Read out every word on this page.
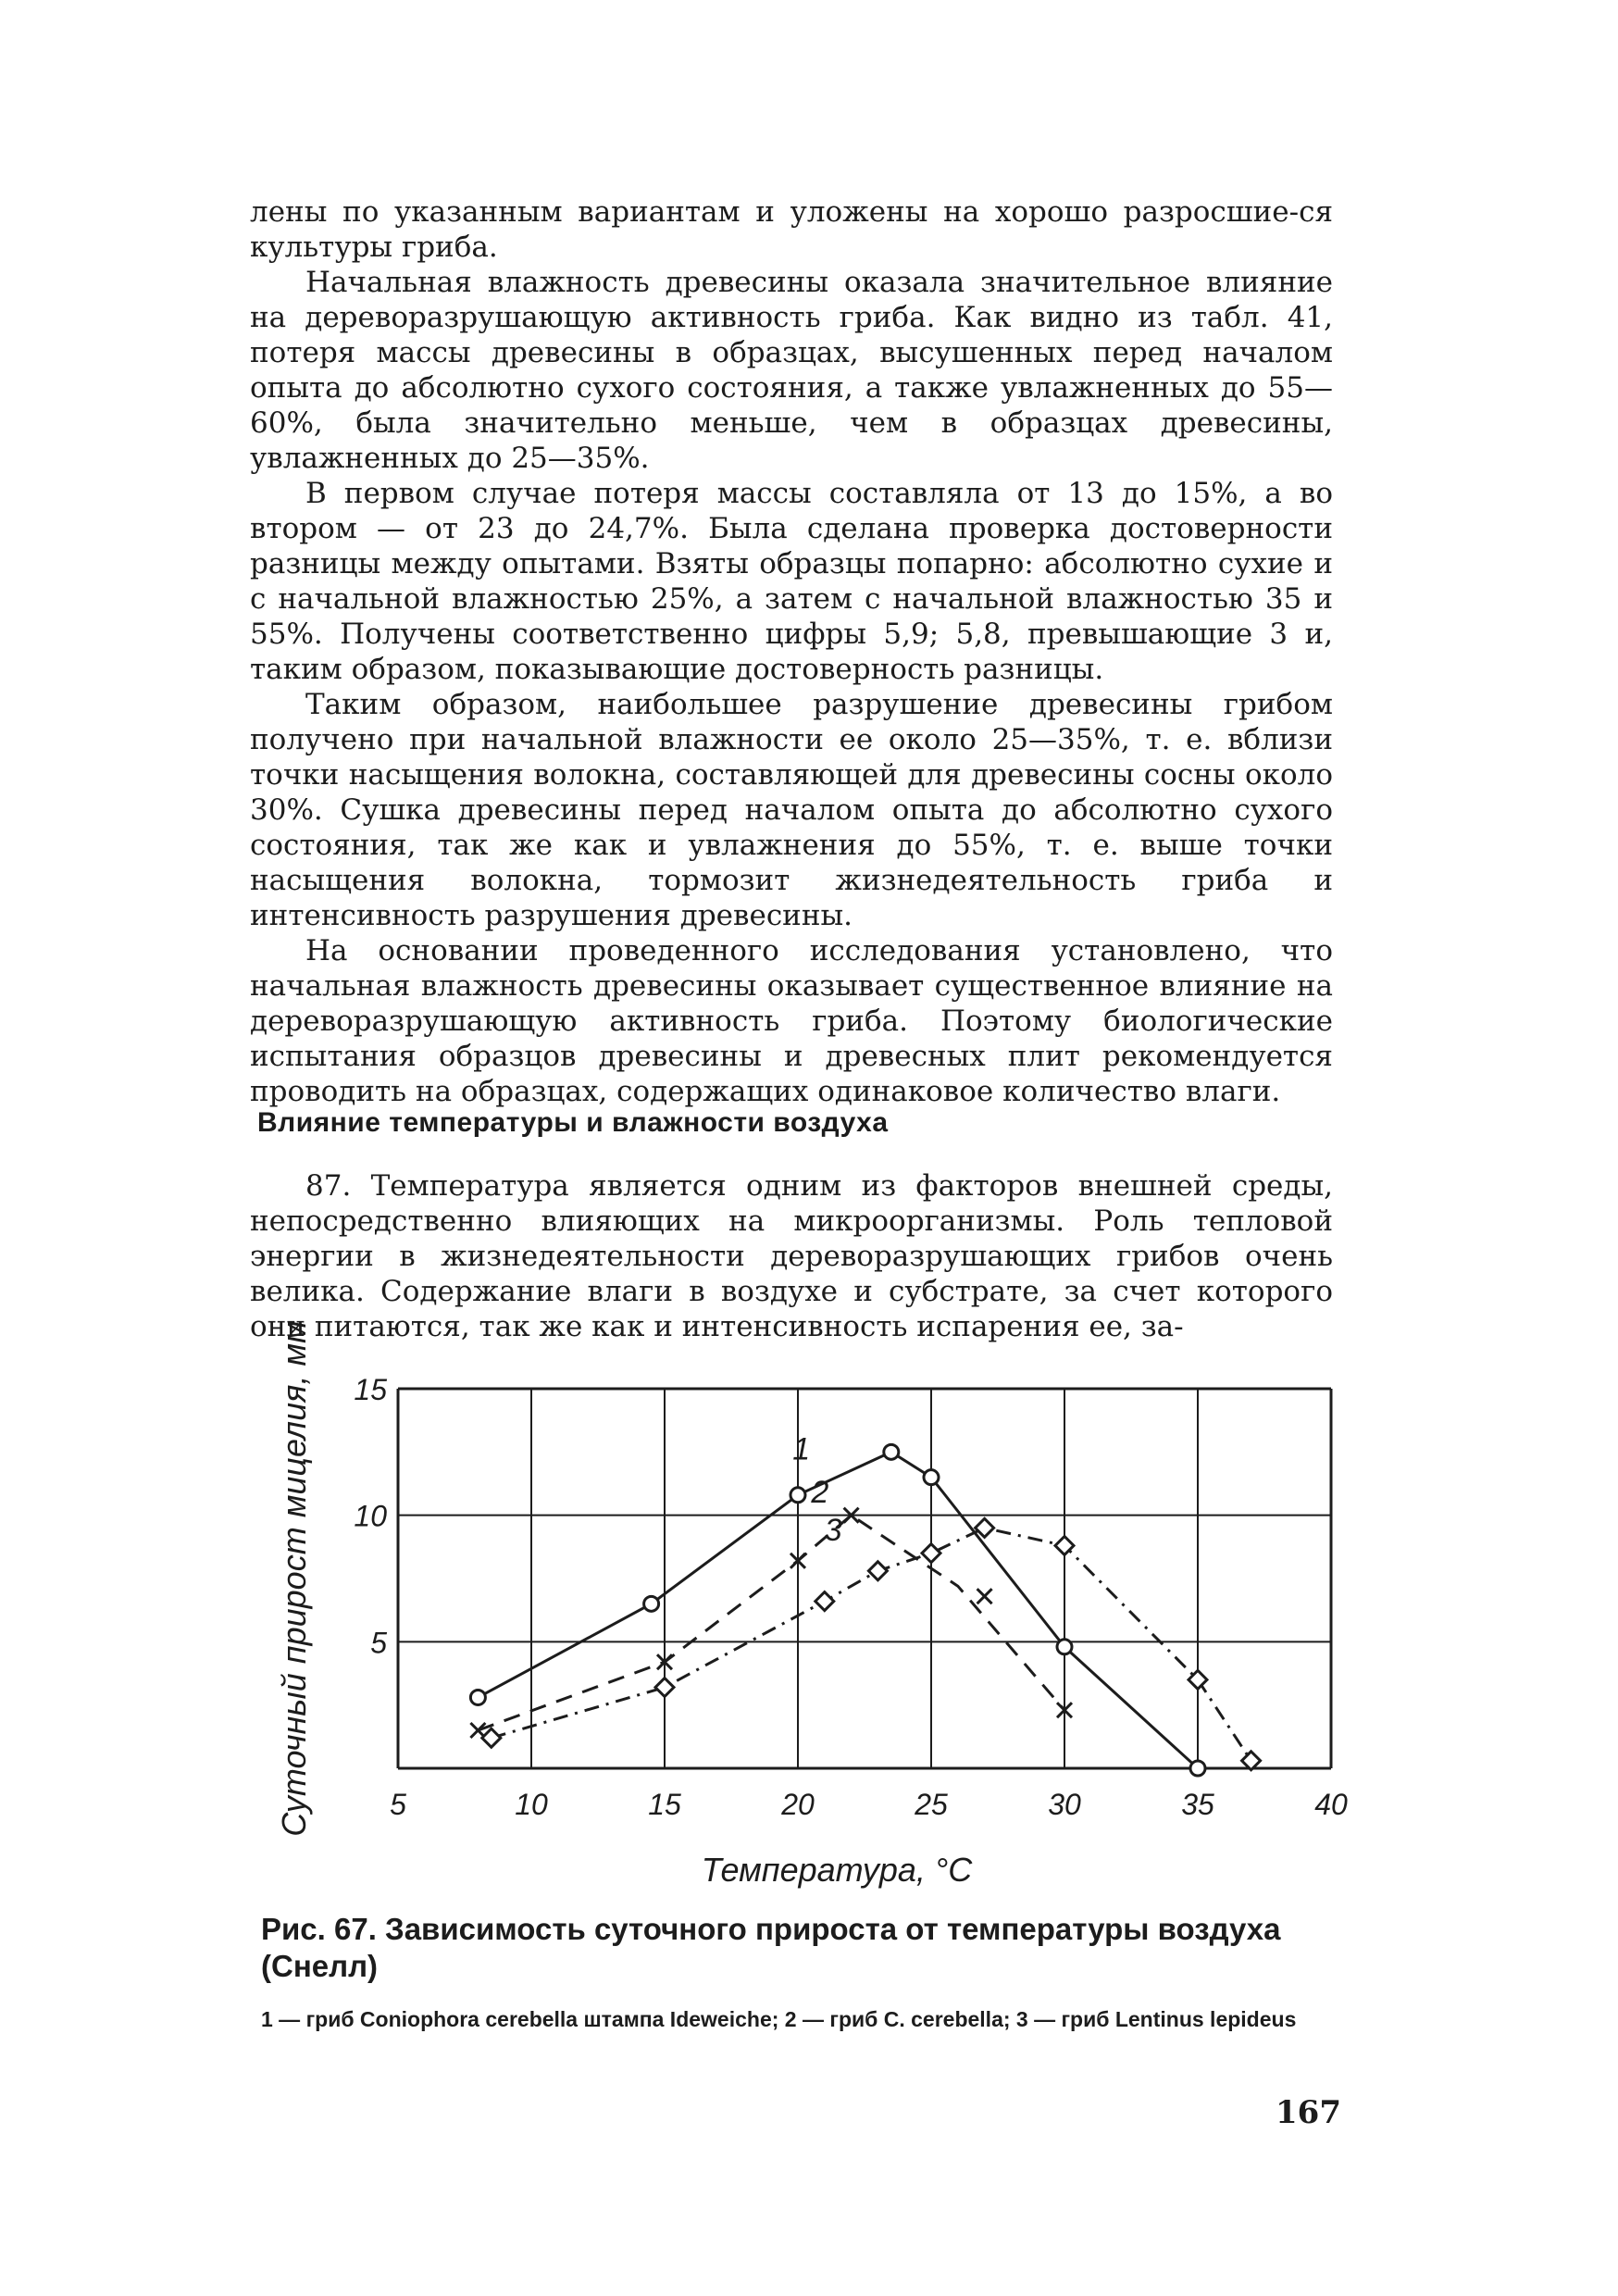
лены по указанным вариантам и уложены на хорошо разросшие-ся культуры гриба.

Начальная влажность древесины оказала значительное влияние на дереворазрушающую активность гриба. Как видно из табл. 41, потеря массы древесины в образцах, высушенных перед началом опыта до абсолютно сухого состояния, а также увлажненных до 55—60%, была значительно меньше, чем в образцах древесины, увлажненных до 25—35%.

В первом случае потеря массы составляла от 13 до 15%, а во втором — от 23 до 24,7%. Была сделана проверка достоверности разницы между опытами. Взяты образцы попарно: абсолютно сухие и с начальной влажностью 25%, а затем с начальной влажностью 35 и 55%. Получены соответственно цифры 5,9; 5,8, превышающие 3 и, таким образом, показывающие достоверность разницы.

Таким образом, наибольшее разрушение древесины грибом получено при начальной влажности ее около 25—35%, т. е. вблизи точки насыщения волокна, составляющей для древесины сосны около 30%. Сушка древесины перед началом опыта до абсолютно сухого состояния, так же как и увлажнения до 55%, т. е. выше точки насыщения волокна, тормозит жизнедеятельность гриба и интенсивность разрушения древесины.

На основании проведенного исследования установлено, что начальная влажность древесины оказывает существенное влияние на дереворазрушающую активность гриба. Поэтому биологические испытания образцов древесины и древесных плит рекомендуется проводить на образцах, содержащих одинаковое количество влаги.

Влияние температуры и влажности воздуха

87. Температура является одним из факторов внешней среды, непосредственно влияющих на микроорганизмы. Роль тепловой энергии в жизнедеятельности дереворазрушающих грибов очень велика. Содержание влаги в воздухе и субстрате, за счет которого они питаются, так же как и интенсивность испарения ее, за-

5	10	15	20	25	30	35	40
5
10
15
Температура, °С
Суточный прирост мицелия, мм	1
2
3
Рис. 67. Зависимость суточного прироста от температуры воздуха (Снелл)
1 — гриб Coniophora cerebella штампа Ideweiche; 2 — гриб C. cerebella; 3 — гриб Lentinus lepideus
167
